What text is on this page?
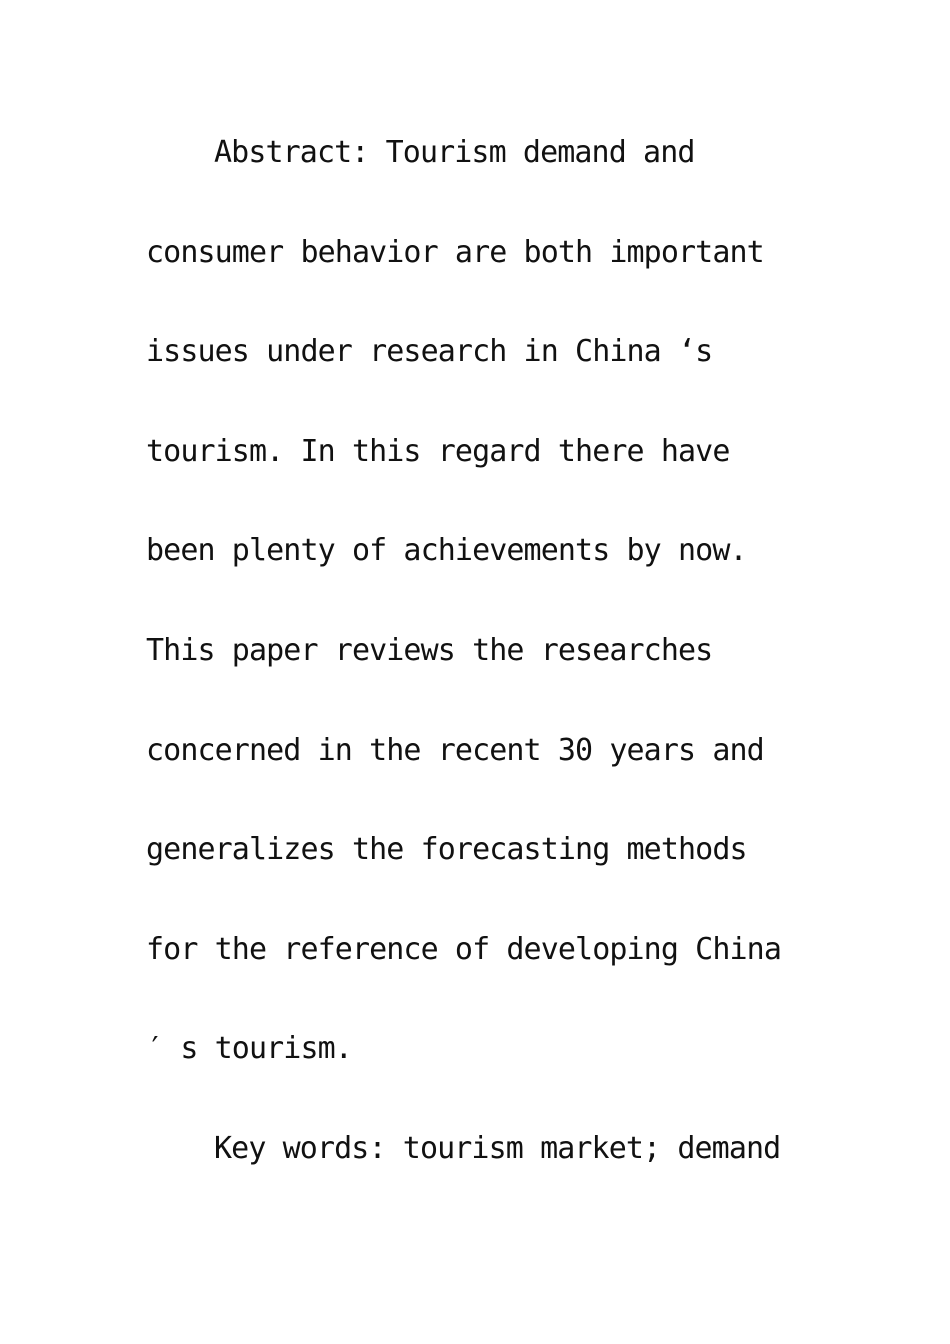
Abstract: Tourism demand and
consumer behavior are both important
issues under research in China ‘s
tourism. In this regard there have
been plenty of achievements by now.
This paper reviews the researches
concerned in the recent 30 years and
generalizes the forecasting methods
for the reference of developing China
′ s tourism.
Key words: tourism market; demand
